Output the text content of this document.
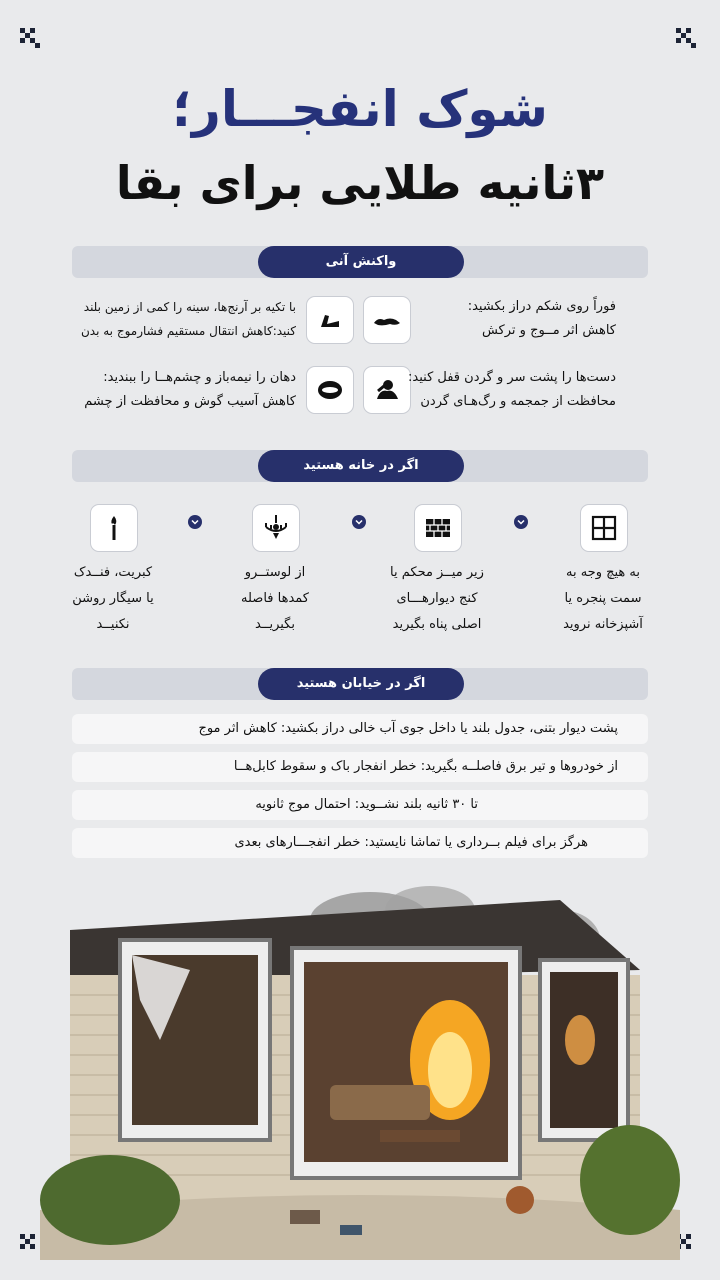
شوک انفجـــار؛
۳ثانیه طلایی برای بقا
واکنش آنی
فوراً روی شکم دراز بکشید:
کاهش اثر مــوج و ترکش
با تکیه بر آرنج‌ها، سینه را کمی از زمین بلند
کنید:کاهش انتقال مستقیم فشارموج به بدن
دست‌ها را پشت سر و گردن قفل کنید:
محافظت از جمجمه و رگ‌هـای گردن
دهان را نیمه‌باز و چشم‌هــا را ببندید:
کاهش آسیب گوش و محافظت از چشم
اگر در خانه هستید
به هیچ وجه به
سمت پنجره یا
آشپزخانه نروید
زیر میــز محکم یا
کنج دیوارهـــای
اصلی پناه بگیرید
از لوستــرو
کمدها فاصله
بگیریــد
کبریت، فنــدک
یا سیگار روشن
نکنیــد
اگر در خیابان هستید
پشت دیوار بتنی، جدول بلند یا داخل جوی آب خالی دراز بکشید: کاهش اثر موج
از خودروها و تیر برق فاصلــه بگیرید: خطر انفجار باک و سقوط کابل‌هــا
تا ۳۰ ثانیه بلند نشــوید: احتمال موج ثانویه
هرگز برای فیلم بــرداری یا تماشا نایستید: خطر انفجـــارهای بعدی
